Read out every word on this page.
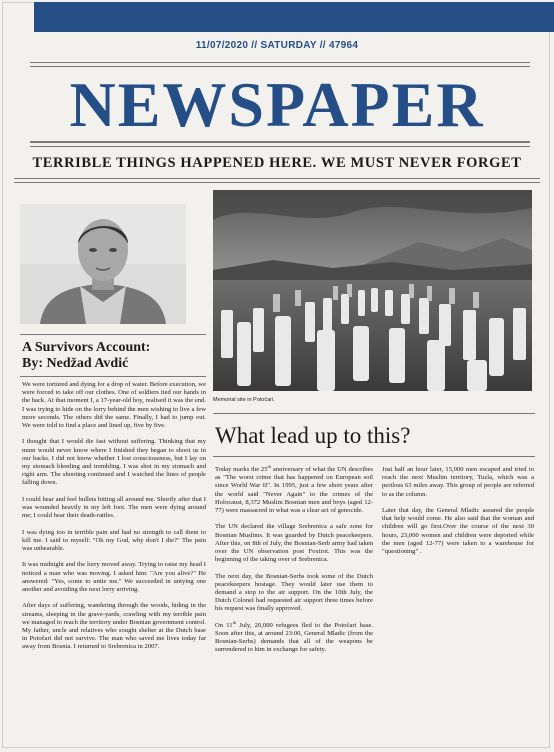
11/07/2020 // SATURDAY // 47964
NEWSPAPER
TERRIBLE THINGS HAPPENED HERE. WE MUST NEVER FORGET
Memorial site in Potočari.
A Survivors Account:
By: Nedžad Avdić

We were tortured and dying for a drop of water. Before execution, we were forced to take off our clothes. One of soldiers tied our hands in the back. At that moment I, a 17-year-old boy, realised it was the end. I was trying to hide on the lorry behind the men wishing to live a few more seconds. The others did the same. Finally, I had to jump out. We were told to find a place and lined up, five by five.

I thought that I would die fast without suffering. Thinking that my mum would never know where I finished they began to shoot us in our backs. I did not know whether I lost consciousness, but I lay on my stomach bleeding and trembling. I was shot in my stomach and right arm. The shooting continued and I watched the lines of people falling down.

I could hear and feel bullets hitting all around me. Shortly after that I was wounded heavily in my left foot. The men were dying around me; I could hear their death-rattles.

I was dying too in terrible pain and had no strength to call them to kill me. I said to myself: "Oh my God, why don't I die?" The pain was unbearable.

It was midnight and the lorry moved away. Trying to raise my head I noticed a man who was moving. I asked him: "Are you alive?" He answered: "Yes, come to untie me." We succeeded in untying one another and avoiding the next lorry arriving.

After days of suffering, wandering through the woods, hiding in the streams, sleeping in the grave-yards, crawling with my terrible pain we managed to reach the territory under Bosnian government control. My father, uncle and relatives who sought shelter at the Dutch base in Potočari did not survive. The man who saved me lives today far away from Bosnia. I returned to Srebrenica in 2007.

What lead up to this?

Today marks the 25th anniversary of what the UN describes as "The worst crime that has happened on European soil since World War II". In 1995, just a few short years after the world said "Never Again" to the crimes of the Holocaust, 8,372 Muslim Bosnian men and boys (aged 12-77) were massacred in what was a clear act of genocide.

The UN declared the village Srebrenica a safe zone for Bosnian Muslims. It was guarded by Dutch peacekeepers. After this, on 8th of July, the Bosnian-Serb army had taken over the UN observation post Foxtrot. This was the beginning of the taking over of Srebrenica.

The next day, the Bosnian-Serbs took some of the Dutch peacekeepers hostage. They would later use them to demand a stop to the air support. On the 10th July, the Dutch Colonel had requested air support three times before his request was finally approved.

On 11th July, 20,000 refugees fled to the Potočari base. Soon after this, at around 23:00, General Mladic (from the Bosnian-Serbs) demands that all of the weapons be surrendered to him in exchange for safety.

Just half an hour later, 15,000 men escaped and tried to reach the next Muslim territory, Tuzla, which was a perilous 63 miles away. This group of people are referred to as the column.

Later that day, the General Mladic assured the people that help would come. He also said that the woman and children will go first.Over the course of the next 30 hours, 23,000 women and children were deported while the men (aged 12-77) were taken to a warehouse for "questioning" .
